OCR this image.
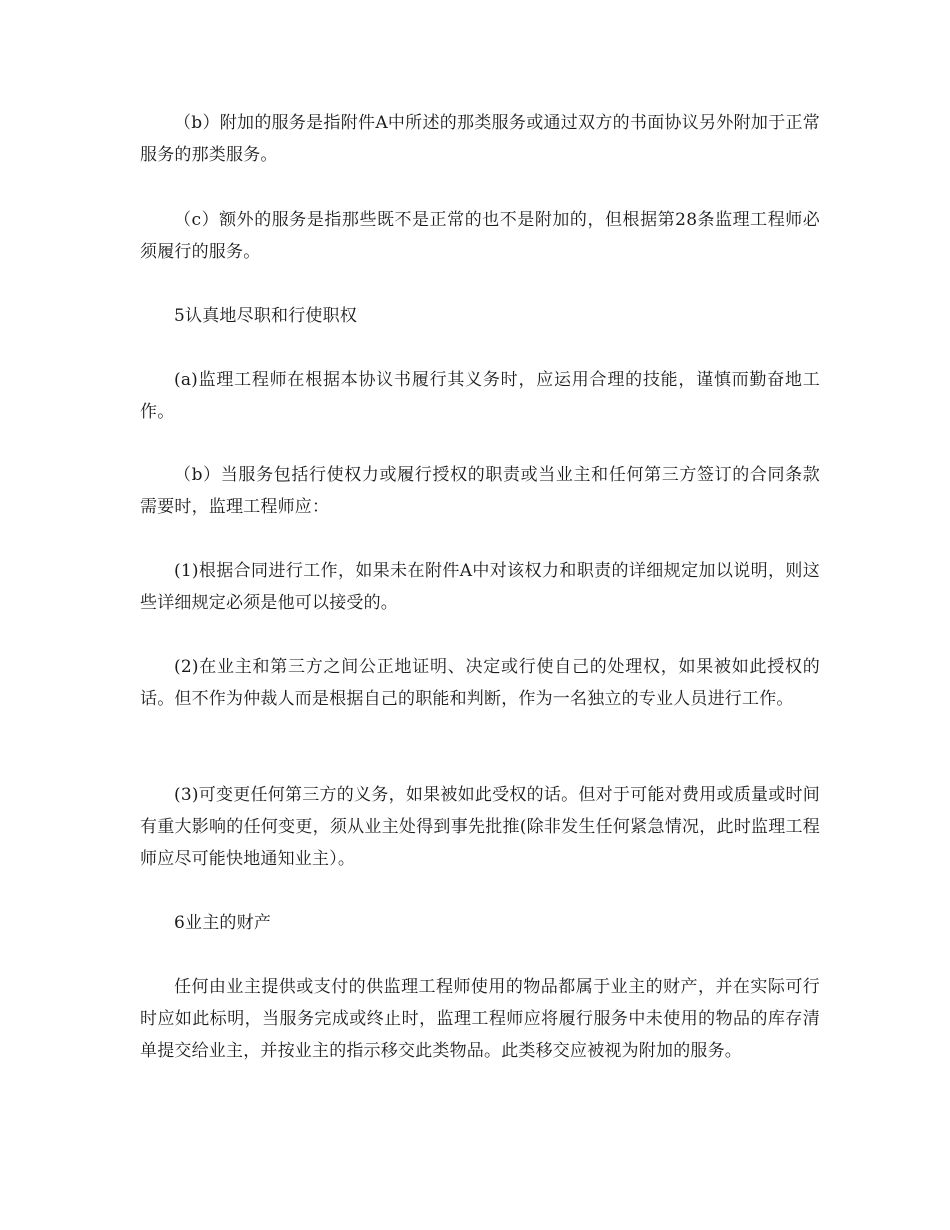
（b）附加的服务是指附件A中所述的那类服务或通过双方的书面协议另外附加于正常服务的那类服务。

（c）额外的服务是指那些既不是正常的也不是附加的，但根据第28条监理工程师必须履行的服务。

5认真地尽职和行使职权

(a)监理工程师在根据本协议书履行其义务时，应运用合理的技能，谨慎而勤奋地工作。

（b）当服务包括行使权力或履行授权的职责或当业主和任何第三方签订的合同条款需要时，监理工程师应：

(1)根据合同进行工作，如果未在附件A中对该权力和职责的详细规定加以说明，则这些详细规定必须是他可以接受的。

(2)在业主和第三方之间公正地证明、决定或行使自己的处理权，如果被如此授权的话。但不作为仲裁人而是根据自己的职能和判断，作为一名独立的专业人员进行工作。

(3)可变更任何第三方的义务，如果被如此受权的话。但对于可能对费用或质量或时间有重大影响的任何变更，须从业主处得到事先批推(除非发生任何紧急情况，此时监理工程师应尽可能快地通知业主）。

6业主的财产

任何由业主提供或支付的供监理工程师使用的物品都属于业主的财产，并在实际可行时应如此标明，当服务完成或终止时，监理工程师应将履行服务中未使用的物品的库存清单提交给业主，并按业主的指示移交此类物品。此类移交应被视为附加的服务。
